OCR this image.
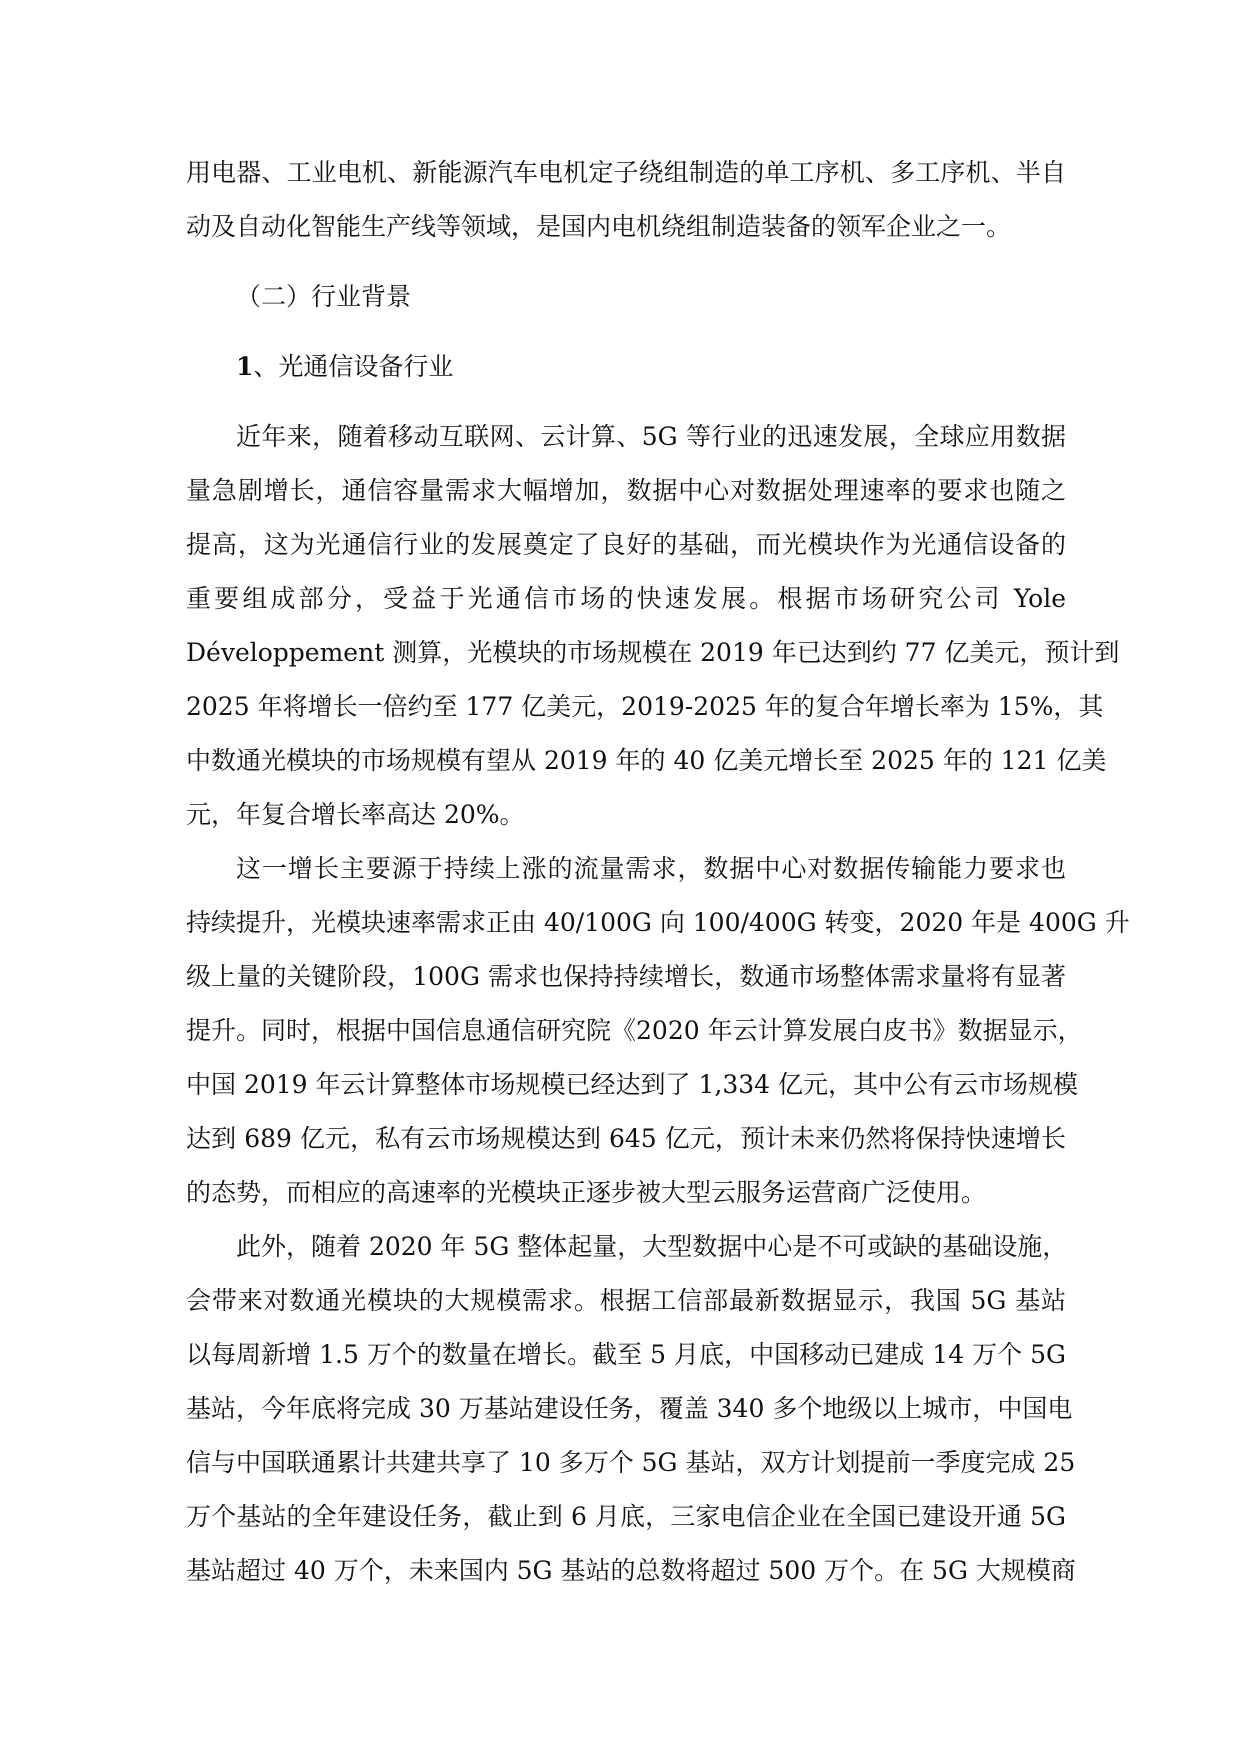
用电器、工业电机、新能源汽车电机定子绕组制造的单工序机、多工序机、半自
动及自动化智能生产线等领域，是国内电机绕组制造装备的领军企业之一。
（二）行业背景
1、光通信设备行业
近年来，随着移动互联网、云计算、5G 等行业的迅速发展，全球应用数据
量急剧增长，通信容量需求大幅增加，数据中心对数据处理速率的要求也随之
提高，这为光通信行业的发展奠定了良好的基础，而光模块作为光通信设备的
重要组成部分，受益于光通信市场的快速发展。根据市场研究公司 Yole
Développement 测算，光模块的市场规模在 2019 年已达到约 77 亿美元，预计到
2025 年将增长一倍约至 177 亿美元，2019-2025 年的复合年增长率为 15%，其
中数通光模块的市场规模有望从 2019 年的 40 亿美元增长至 2025 年的 121 亿美
元，年复合增长率高达 20%。
这一增长主要源于持续上涨的流量需求，数据中心对数据传输能力要求也
持续提升，光模块速率需求正由 40/100G 向 100/400G 转变，2020 年是 400G 升
级上量的关键阶段，100G 需求也保持持续增长，数通市场整体需求量将有显著
提升。同时，根据中国信息通信研究院《2020 年云计算发展白皮书》数据显示，
中国 2019 年云计算整体市场规模已经达到了 1,334 亿元，其中公有云市场规模
达到 689 亿元，私有云市场规模达到 645 亿元，预计未来仍然将保持快速增长
的态势，而相应的高速率的光模块正逐步被大型云服务运营商广泛使用。
此外，随着 2020 年 5G 整体起量，大型数据中心是不可或缺的基础设施，
会带来对数通光模块的大规模需求。根据工信部最新数据显示，我国 5G 基站
以每周新增 1.5 万个的数量在增长。截至 5 月底，中国移动已建成 14 万个 5G
基站，今年底将完成 30 万基站建设任务，覆盖 340 多个地级以上城市，中国电
信与中国联通累计共建共享了 10 多万个 5G 基站，双方计划提前一季度完成 25
万个基站的全年建设任务，截止到 6 月底，三家电信企业在全国已建设开通 5G
基站超过 40 万个，未来国内 5G 基站的总数将超过 500 万个。在 5G 大规模商
